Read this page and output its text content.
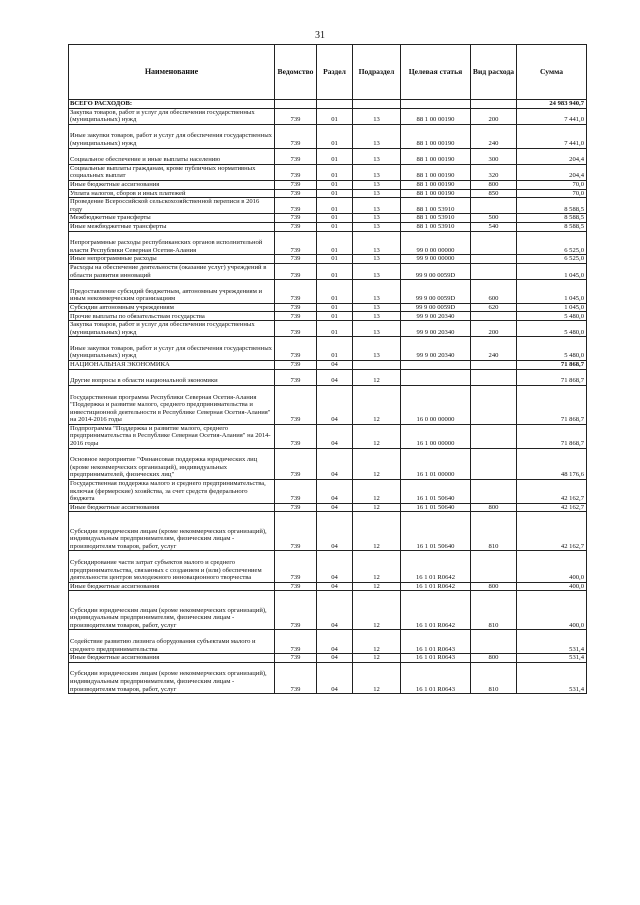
31
Наименование	Ведомство	Раздел	Подраздел	Целевая статья	Вид расхода	Сумма
ВСЕГО РАСХОДОВ:						24 983 940,7
Закупка товаров, работ и услуг для обеспечения государственных (муниципальных) нужд	739	01	13	88 1 00 00190	200	7 441,0
Иные закупки товаров, работ и услуг для обеспечения государственных (муниципальных) нужд	739	01	13	88 1 00 00190	240	7 441,0
Социальное обеспечение и иные выплаты населению	739	01	13	88 1 00 00190	300	204,4
Социальные выплаты гражданам, кроме публичных нормативных социальных выплат	739	01	13	88 1 00 00190	320	204,4
Иные бюджетные ассигнования	739	01	13	88 1 00 00190	800	70,0
Уплата налогов, сборов и иных платежей	739	01	13	88 1 00 00190	850	70,0
Проведение Всероссийской сельскохозяйственной переписи в 2016 году	739	01	13	88 1 00 53910		8 588,5
Межбюджетные трансферты	739	01	13	88 1 00 53910	500	8 588,5
Иные межбюджетные трансферты	739	01	13	88 1 00 53910	540	8 588,5
Непрограммные расходы республиканских органов исполнительной власти Республики Северная Осетия-Алания	739	01	13	99 0 00 00000		6 525,0
Иные непрограммные расходы	739	01	13	99 9 00 00000		6 525,0
Расходы на обеспечение деятельности (оказание услуг) учреждений в области развития инноваций	739	01	13	99 9 00 0059D		1 045,0
Предоставление субсидий бюджетным, автономным учреждениям и иным некоммерческим организациям	739	01	13	99 9 00 0059D	600	1 045,0
Субсидии автономным учреждениям	739	01	13	99 9 00 0059D	620	1 045,0
Прочие выплаты по обязательствам государства	739	01	13	99 9 00 20340		5 480,0
Закупка товаров, работ и услуг для обеспечения государственных (муниципальных) нужд	739	01	13	99 9 00 20340	200	5 480,0
Иные закупки товаров, работ и услуг для обеспечения государственных (муниципальных) нужд	739	01	13	99 9 00 20340	240	5 480,0
НАЦИОНАЛЬНАЯ ЭКОНОМИКА	739	04				71 868,7
Другие вопросы в области национальной экономики	739	04	12			71 868,7
Государственная программа Республики Северная Осетия-Алания "Поддержка и развитие малого, среднего предпринимательства и инвестиционной деятельности в Республике Северная Осетия-Алания" на 2014-2016 годы	739	04	12	16 0 00 00000		71 868,7
Подпрограмма "Поддержка и развитие малого, среднего предпринимательства в Республике Северная Осетия-Алания" на 2014-2016 годы	739	04	12	16 1 00 00000		71 868,7
Основное мероприятие "Финансовая поддержка юридических лиц (кроме некоммерческих организаций), индивидуальных предпринимателей, физических лиц"	739	04	12	16 1 01 00000		48 176,6
Государственная поддержка малого и среднего предпринимательства, включая (фермерские) хозяйства, за счет средств федерального бюджета	739	04	12	16 1 01 50640		42 162,7
Иные бюджетные ассигнования	739	04	12	16 1 01 50640	800	42 162,7
Субсидии юридическим лицам (кроме некоммерческих организаций), индивидуальным предпринимателям, физическим лицам - производителям товаров, работ, услуг	739	04	12	16 1 01 50640	810	42 162,7
Субсидирование части затрат субъектов малого и среднего предпринимательства, связанных с созданием и (или) обеспечением деятельности центров молодежного инновационного творчества	739	04	12	16 1 01 R0642		400,0
Иные бюджетные ассигнования	739	04	12	16 1 01 R0642	800	400,0
Субсидии юридическим лицам (кроме некоммерческих организаций), индивидуальным предпринимателям, физическим лицам - производителям товаров, работ, услуг	739	04	12	16 1 01 R0642	810	400,0
Содействие развитию лизинга оборудования субъектами малого и среднего предпринимательства	739	04	12	16 1 01 R0643		531,4
Иные бюджетные ассигнования	739	04	12	16 1 01 R0643	800	531,4
Субсидии юридическим лицам (кроме некоммерческих организаций), индивидуальным предпринимателям, физическим лицам - производителям товаров, работ, услуг	739	04	12	16 1 01 R0643	810	531,4
